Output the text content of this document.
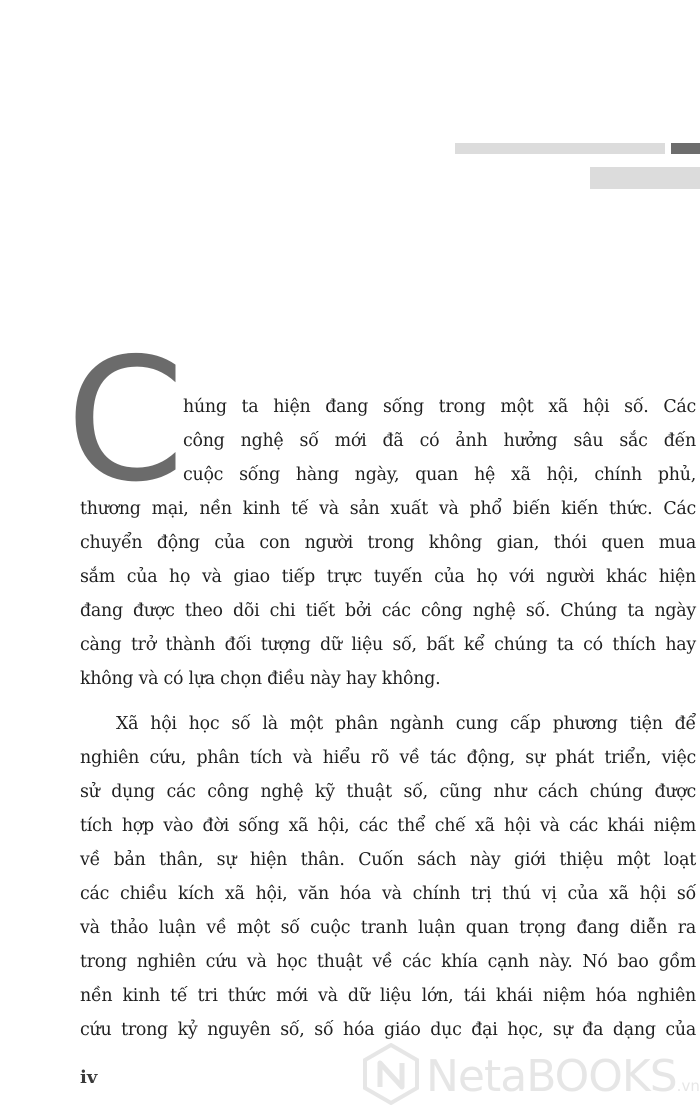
C
húng ta hiện đang sống trong một xã hội số. Các
công nghệ số mới đã có ảnh hưởng sâu sắc đến
cuộc sống hàng ngày, quan hệ xã hội, chính phủ,
thương mại, nền kinh tế và sản xuất và phổ biến kiến thức. Các
chuyển động của con người trong không gian, thói quen mua
sắm của họ và giao tiếp trực tuyến của họ với người khác hiện
đang được theo dõi chi tiết bởi các công nghệ số. Chúng ta ngày
càng trở thành đối tượng dữ liệu số, bất kể chúng ta có thích hay
không và có lựa chọn điều này hay không.
Xã hội học số là một phân ngành cung cấp phương tiện để
nghiên cứu, phân tích và hiểu rõ về tác động, sự phát triển, việc
sử dụng các công nghệ kỹ thuật số, cũng như cách chúng được
tích hợp vào đời sống xã hội, các thể chế xã hội và các khái niệm
về bản thân, sự hiện thân. Cuốn sách này giới thiệu một loạt
các chiều kích xã hội, văn hóa và chính trị thú vị của xã hội số
và thảo luận về một số cuộc tranh luận quan trọng đang diễn ra
trong nghiên cứu và học thuật về các khía cạnh này. Nó bao gồm
nền kinh tế tri thức mới và dữ liệu lớn, tái khái niệm hóa nghiên
cứu trong kỷ nguyên số, số hóa giáo dục đại học, sự đa dạng của
iv	NetaBOOKS .vn
